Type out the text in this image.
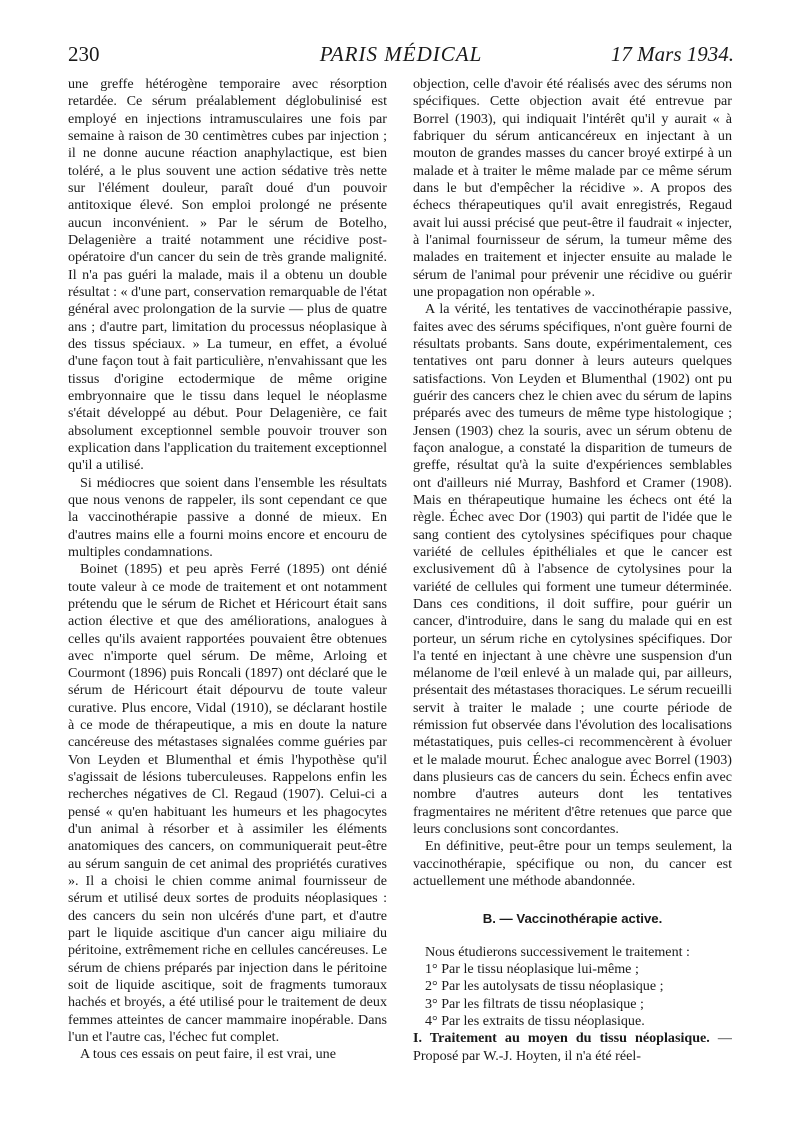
230	PARIS MÉDICAL	17 Mars 1934.

une greffe hétérogène temporaire avec résorption retardée. Ce sérum préalablement déglobulinisé est employé en injections intramusculaires une fois par semaine à raison de 30 centimètres cubes par injection ; il ne donne aucune réaction anaphylactique, est bien toléré, a le plus souvent une action sédative très nette sur l'élément douleur, paraît doué d'un pouvoir antitoxique élevé. Son emploi prolongé ne présente aucun inconvénient. » Par le sérum de Botelho, Delagenière a traité notamment une récidive post-opératoire d'un cancer du sein de très grande malignité. Il n'a pas guéri la malade, mais il a obtenu un double résultat : « d'une part, conservation remarquable de l'état général avec prolongation de la survie — plus de quatre ans ; d'autre part, limitation du processus néoplasique à des tissus spéciaux. » La tumeur, en effet, a évolué d'une façon tout à fait particulière, n'envahissant que les tissus d'origine ectodermique de même origine embryonnaire que le tissu dans lequel le néoplasme s'était développé au début. Pour Delagenière, ce fait absolument exceptionnel semble pouvoir trouver son explication dans l'application du traitement exceptionnel qu'il a utilisé.

Si médiocres que soient dans l'ensemble les résultats que nous venons de rappeler, ils sont cependant ce que la vaccinothérapie passive a donné de mieux. En d'autres mains elle a fourni moins encore et encouru de multiples condamnations.

Boinet (1895) et peu après Ferré (1895) ont dénié toute valeur à ce mode de traitement et ont notamment prétendu que le sérum de Richet et Héricourt était sans action élective et que des améliorations, analogues à celles qu'ils avaient rapportées pouvaient être obtenues avec n'importe quel sérum. De même, Arloing et Courmont (1896) puis Roncali (1897) ont déclaré que le sérum de Héricourt était dépourvu de toute valeur curative. Plus encore, Vidal (1910), se déclarant hostile à ce mode de thérapeutique, a mis en doute la nature cancéreuse des métastases signalées comme guéries par Von Leyden et Blumenthal et émis l'hypothèse qu'il s'agissait de lésions tuberculeuses. Rappelons enfin les recherches négatives de Cl. Regaud (1907). Celui-ci a pensé « qu'en habituant les humeurs et les phagocytes d'un animal à résorber et à assimiler les éléments anatomiques des cancers, on communiquerait peut-être au sérum sanguin de cet animal des propriétés curatives ». Il a choisi le chien comme animal fournisseur de sérum et utilisé deux sortes de produits néoplasiques : des cancers du sein non ulcérés d'une part, et d'autre part le liquide ascitique d'un cancer aigu miliaire du péritoine, extrêmement riche en cellules cancéreuses. Le sérum de chiens préparés par injection dans le péritoine soit de liquide ascitique, soit de fragments tumoraux hachés et broyés, a été utilisé pour le traitement de deux femmes atteintes de cancer mammaire inopérable. Dans l'un et l'autre cas, l'échec fut complet.

A tous ces essais on peut faire, il est vrai, une

objection, celle d'avoir été réalisés avec des sérums non spécifiques. Cette objection avait été entrevue par Borrel (1903), qui indiquait l'intérêt qu'il y aurait « à fabriquer du sérum anticancéreux en injectant à un mouton de grandes masses du cancer broyé extirpé à un malade et à traiter le même malade par ce même sérum dans le but d'empêcher la récidive ». A propos des échecs thérapeutiques qu'il avait enregistrés, Regaud avait lui aussi précisé que peut-être il faudrait « injecter, à l'animal fournisseur de sérum, la tumeur même des malades en traitement et injecter ensuite au malade le sérum de l'animal pour prévenir une récidive ou guérir une propagation non opérable ».

A la vérité, les tentatives de vaccinothérapie passive, faites avec des sérums spécifiques, n'ont guère fourni de résultats probants. Sans doute, expérimentalement, ces tentatives ont paru donner à leurs auteurs quelques satisfactions. Von Leyden et Blumenthal (1902) ont pu guérir des cancers chez le chien avec du sérum de lapins préparés avec des tumeurs de même type histologique ; Jensen (1903) chez la souris, avec un sérum obtenu de façon analogue, a constaté la disparition de tumeurs de greffe, résultat qu'à la suite d'expériences semblables ont d'ailleurs nié Murray, Bashford et Cramer (1908). Mais en thérapeutique humaine les échecs ont été la règle. Échec avec Dor (1903) qui partit de l'idée que le sang contient des cytolysines spécifiques pour chaque variété de cellules épithéliales et que le cancer est exclusivement dû à l'absence de cytolysines pour la variété de cellules qui forment une tumeur déterminée. Dans ces conditions, il doit suffire, pour guérir un cancer, d'introduire, dans le sang du malade qui en est porteur, un sérum riche en cytolysines spécifiques. Dor l'a tenté en injectant à une chèvre une suspension d'un mélanome de l'œil enlevé à un malade qui, par ailleurs, présentait des métastases thoraciques. Le sérum recueilli servit à traiter le malade ; une courte période de rémission fut observée dans l'évolution des localisations métastatiques, puis celles-ci recommencèrent à évoluer et le malade mourut. Échec analogue avec Borrel (1903) dans plusieurs cas de cancers du sein. Échecs enfin avec nombre d'autres auteurs dont les tentatives fragmentaires ne méritent d'être retenues que parce que leurs conclusions sont concordantes.

En définitive, peut-être pour un temps seulement, la vaccinothérapie, spécifique ou non, du cancer est actuellement une méthode abandonnée.

B. — Vaccinothérapie active.

Nous étudierons successivement le traitement :

1° Par le tissu néoplasique lui-même ;
2° Par les autolysats de tissu néoplasique ;
3° Par les filtrats de tissu néoplasique ;
4° Par les extraits de tissu néoplasique.

I. Traitement au moyen du tissu néoplasique. — Proposé par W.-J. Hoyten, il n'a été réel-
